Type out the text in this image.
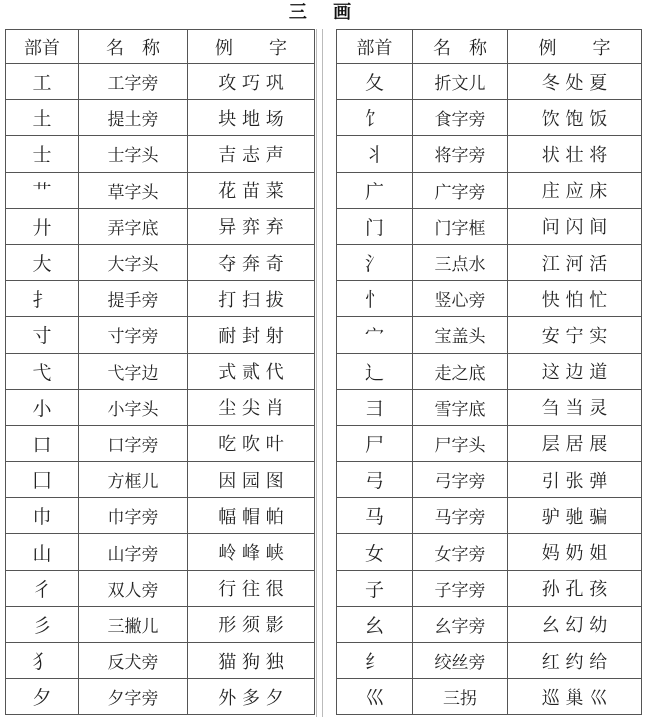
三 画
部首	名　称	例　　字
工	工字旁	攻 巧 巩
土	提土旁	块 地 场
士	士字头	吉 志 声
艹	草字头	花 苗 菜
廾	弄字底	异 弈 弃
大	大字头	夺 奔 奇
扌	提手旁	打 扫 拔
寸	寸字旁	耐 封 射
弋	弋字边	式 贰 代
小	小字头	尘 尖 肖
口	口字旁	吃 吹 叶
囗	方框儿	因 园 图
巾	巾字旁	幅 帽 帕
山	山字旁	岭 峰 峡
彳	双人旁	行 往 很
彡	三撇儿	形 须 影
犭	反犬旁	猫 狗 独
夕	夕字旁	外 多 夕
部首	名　称	例　　字
夂	折文儿	冬 处 夏
饣	食字旁	饮 饱 饭
丬	将字旁	状 壮 将
广	广字旁	庄 应 床
门	门字框	问 闪 间
氵	三点水	江 河 活
忄	竖心旁	快 怕 忙
宀	宝盖头	安 宁 实
辶	走之底	这 边 道
彐	雪字底	刍 当 灵
尸	尸字头	层 居 展
弓	弓字旁	引 张 弹
马	马字旁	驴 驰 骗
女	女字旁	妈 奶 姐
子	子字旁	孙 孔 孩
幺	幺字旁	幺 幻 幼
纟	绞丝旁	红 约 给
巛	三拐	巡 巢 巛
